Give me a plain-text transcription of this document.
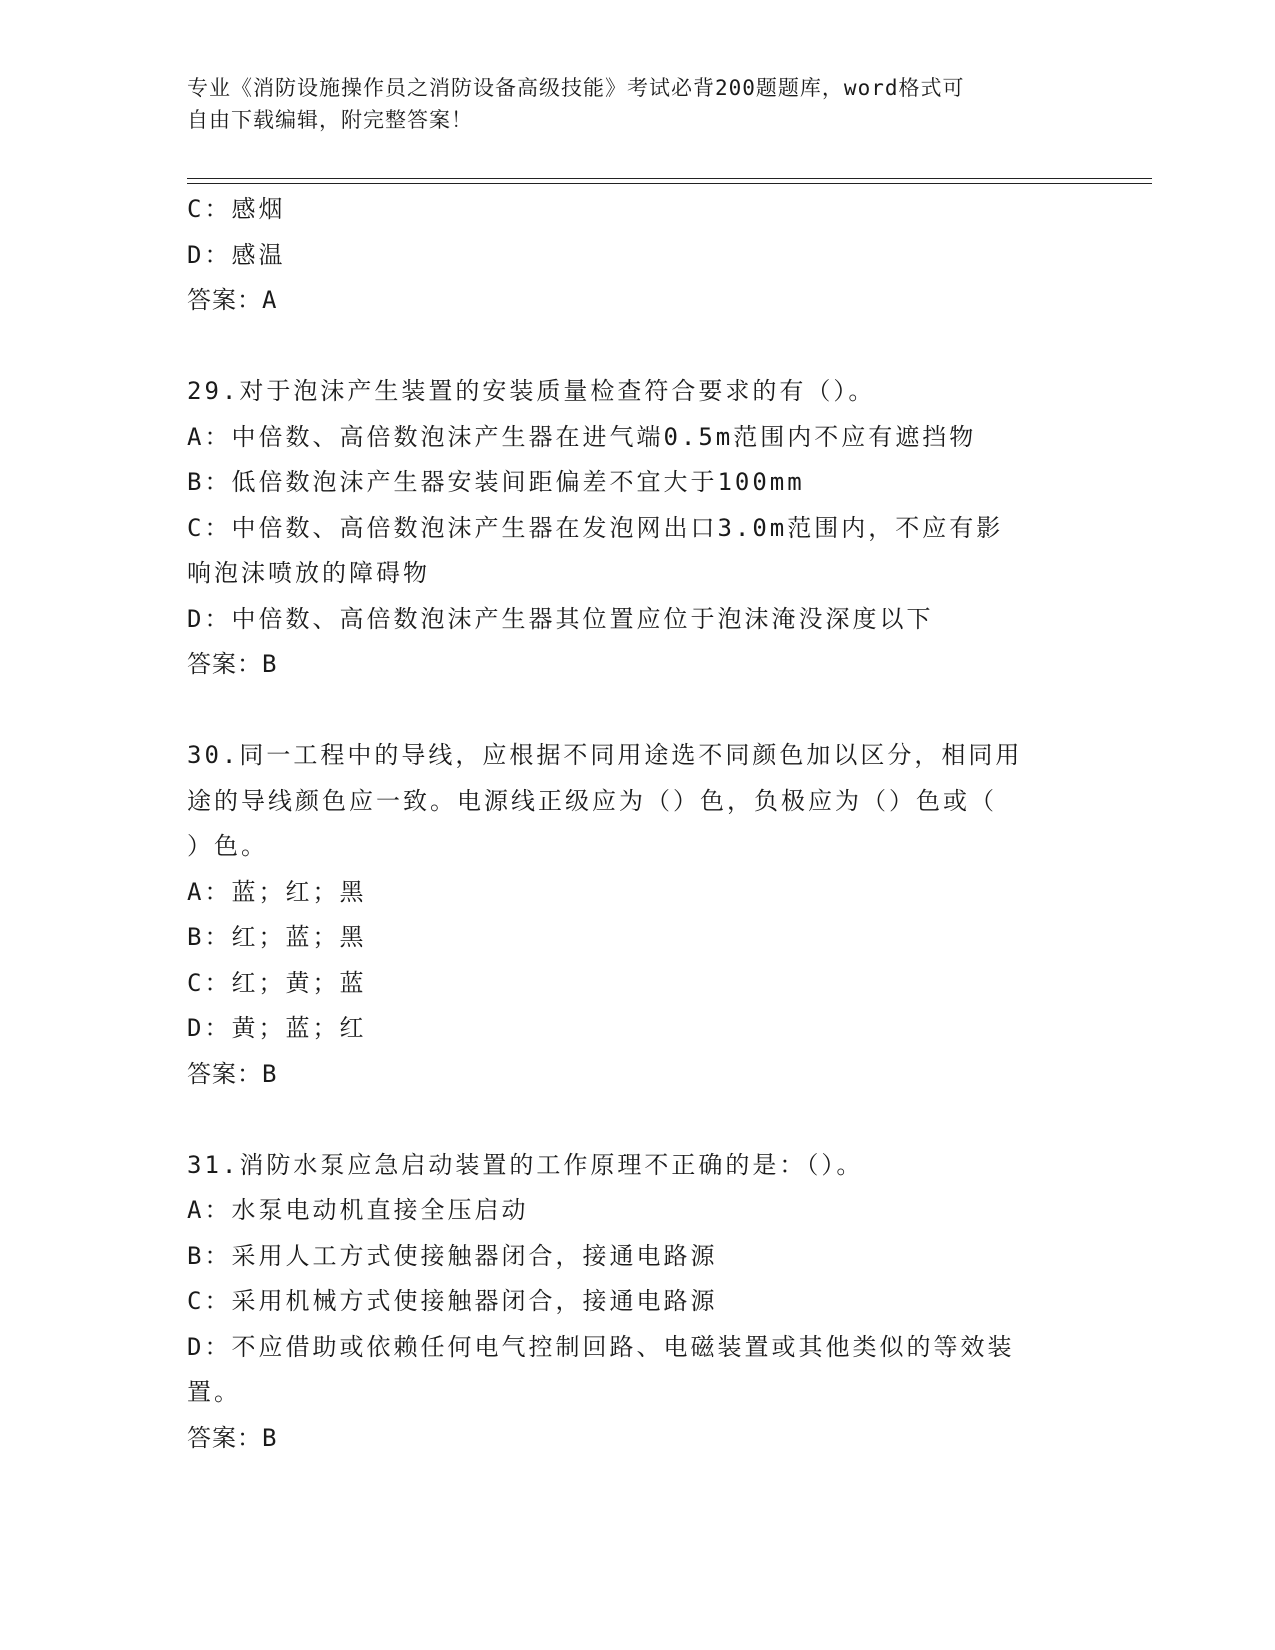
专业《消防设施操作员之消防设备高级技能》考试必背200题题库，word格式可
自由下载编辑，附完整答案！
C：感烟
D：感温
答案：A
29.对于泡沫产生装置的安装质量检查符合要求的有（）。
A：中倍数、高倍数泡沫产生器在进气端0.5m范围内不应有遮挡物
B：低倍数泡沫产生器安装间距偏差不宜大于100mm
C：中倍数、高倍数泡沫产生器在发泡网出口3.0m范围内，不应有影
响泡沫喷放的障碍物
D：中倍数、高倍数泡沫产生器其位置应位于泡沫淹没深度以下
答案：B
30.同一工程中的导线，应根据不同用途选不同颜色加以区分，相同用
途的导线颜色应一致。电源线正级应为（）色，负极应为（）色或（
）色。
A：蓝；红；黑
B：红；蓝；黑
C：红；黄；蓝
D：黄；蓝；红
答案：B
31.消防水泵应急启动装置的工作原理不正确的是：（）。
A：水泵电动机直接全压启动
B：采用人工方式使接触器闭合，接通电路源
C：采用机械方式使接触器闭合，接通电路源
D：不应借助或依赖任何电气控制回路、电磁装置或其他类似的等效装
置。
答案：B
